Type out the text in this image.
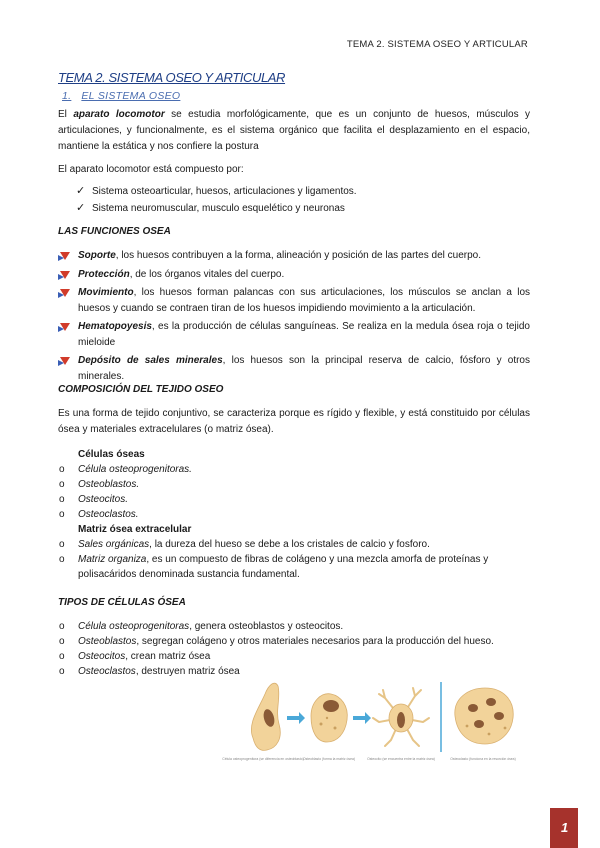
TEMA 2. SISTEMA OSEO Y ARTICULAR
TEMA 2. SISTEMA OSEO Y ARTICULAR
1. EL SISTEMA OSEO
El aparato locomotor se estudia morfológicamente, que es un conjunto de huesos, músculos y articulaciones, y funcionalmente, es el sistema orgánico que facilita el desplazamiento en el espacio, mantiene la estática y nos confiere la postura
El aparato locomotor está compuesto por:
✓ Sistema osteoarticular, huesos, articulaciones y ligamentos.
✓ Sistema neuromuscular, musculo esquelético y neuronas
LAS FUNCIONES OSEA
Soporte, los huesos contribuyen a la forma, alineación y posición de las partes del cuerpo.
Protección, de los órganos vitales del cuerpo.
Movimiento, los huesos forman palancas con sus articulaciones, los músculos se anclan a los huesos y cuando se contraen tiran de los huesos impidiendo movimiento a la articulación.
Hematopoyesis, es la producción de células sanguíneas. Se realiza en la medula ósea roja o tejido mieloide
Depósito de sales minerales, los huesos son la principal reserva de calcio, fósforo y otros minerales.
COMPOSICIÓN DEL TEJIDO OSEO
Es una forma de tejido conjuntivo, se caracteriza porque es rígido y flexible, y está constituido por células ósea y materiales extracelulares (o matriz ósea).
Células óseas
o Célula osteoprogenitoras.
o Osteoblastos.
o Osteocitos.
o Osteoclastos.
Matriz ósea extracelular
o Sales orgánicas, la dureza del hueso se debe a los cristales de calcio y fosforo.
o Matriz organiza, es un compuesto de fibras de colágeno y una mezcla amorfa de proteínas y polisacáridos denominada sustancia fundamental.
TIPOS DE CÉLULAS ÓSEA
o Célula osteoprogenitoras, genera osteoblastos y osteocitos.
o Osteoblastos, segregan colágeno y otros materiales necesarios para la producción del hueso.
o Osteocitos, crean matriz ósea
o Osteoclastos, destruyen matriz ósea
Célula osteoprogenitora (se diferencia en osteoblasto) Osteoblasto (forma la matriz ósea)	Osteocito (se encuentra entre la matriz ósea)	Osteoclasto (funciona en la resorción ósea)
1
